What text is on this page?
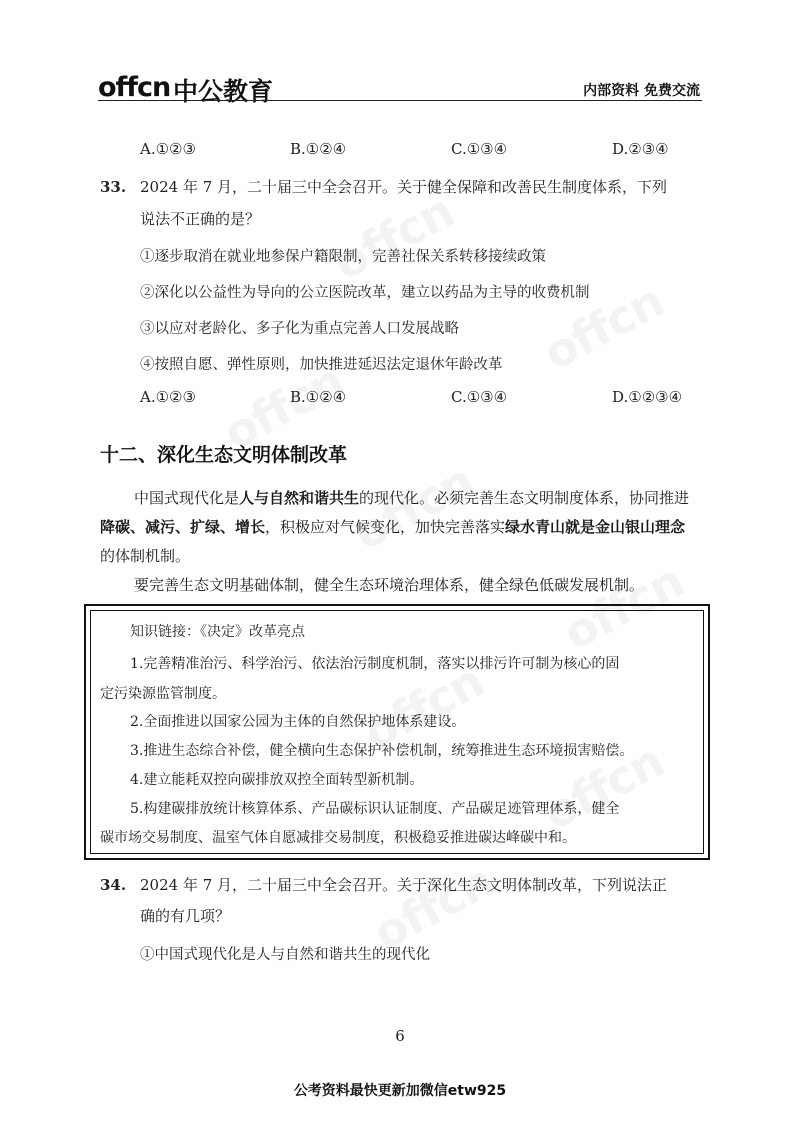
offcn 中公教育	内部资料 免费交流
A.①②③	B.①②④	C.①③④	D.②③④
33. 2024 年 7 月，二十届三中全会召开。关于健全保障和改善民生制度体系，下列
说法不正确的是？
①逐步取消在就业地参保户籍限制，完善社保关系转移接续政策
②深化以公益性为导向的公立医院改革，建立以药品为主导的收费机制
③以应对老龄化、多子化为重点完善人口发展战略
④按照自愿、弹性原则，加快推进延迟法定退休年龄改革
A.①②③	B.①②④	C.①③④	D.①②③④
十二、深化生态文明体制改革
中国式现代化是人与自然和谐共生的现代化。必须完善生态文明制度体系，协同推进降碳、减污、扩绿、增长，积极应对气候变化，加快完善落实绿水青山就是金山银山理念的体制机制。
要完善生态文明基础体制，健全生态环境治理体系，健全绿色低碳发展机制。
知识链接：《决定》改革亮点
1.完善精准治污、科学治污、依法治污制度机制，落实以排污许可制为核心的固
定污染源监管制度。
2.全面推进以国家公园为主体的自然保护地体系建设。
3.推进生态综合补偿，健全横向生态保护补偿机制，统筹推进生态环境损害赔偿。
4.建立能耗双控向碳排放双控全面转型新机制。
5.构建碳排放统计核算体系、产品碳标识认证制度、产品碳足迹管理体系，健全
碳市场交易制度、温室气体自愿减排交易制度，积极稳妥推进碳达峰碳中和。
34. 2024 年 7 月，二十届三中全会召开。关于深化生态文明体制改革，下列说法正
确的有几项？
①中国式现代化是人与自然和谐共生的现代化
6
公考资料最快更新加微信etw925
